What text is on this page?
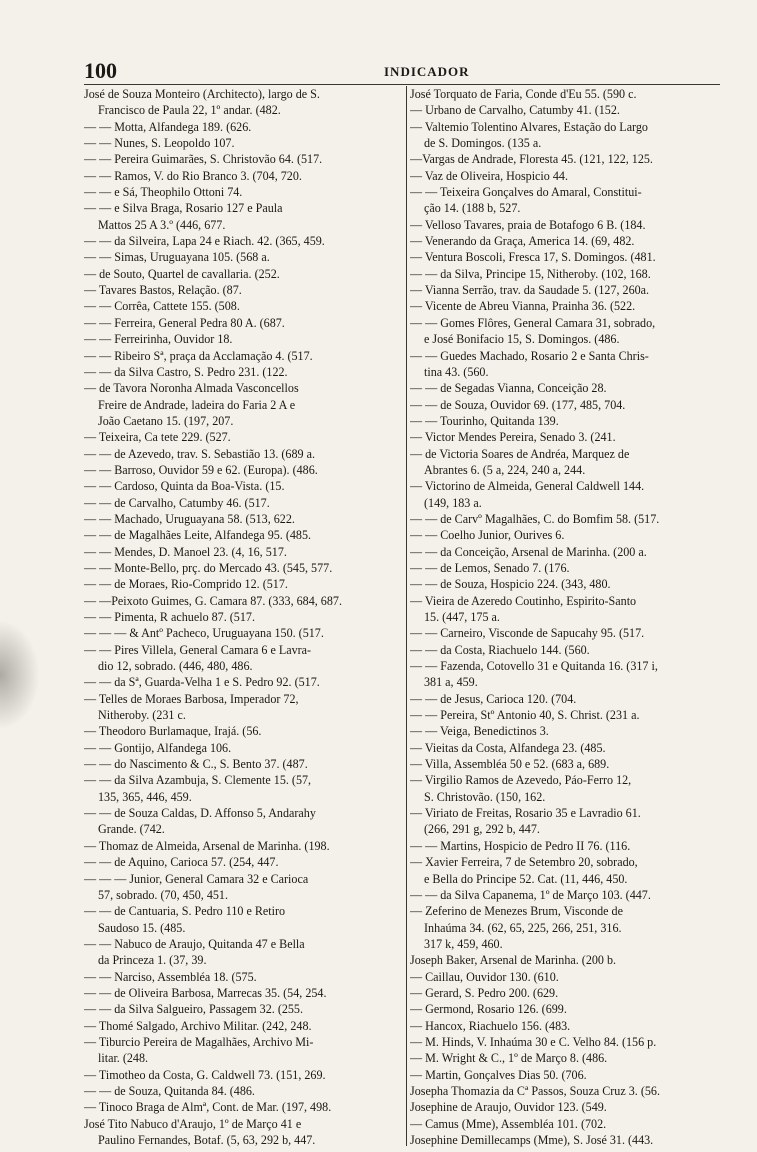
100	INDICADOR
José de Souza Monteiro (Architecto), largo de S.
Francisco de Paula 22, 1º andar. (482.
— — Motta, Alfandega 189. (626.
— — Nunes, S. Leopoldo 107.
— — Pereira Guimarães, S. Christovão 64. (517.
— — Ramos, V. do Rio Branco 3. (704, 720.
— — e Sá, Theophilo Ottoni 74.
— — e Silva Braga, Rosario 127 e Paula
Mattos 25 A 3.º (446, 677.
— — da Silveira, Lapa 24 e Riach. 42. (365, 459.
— — Simas, Uruguayana 105. (568 a.
— de Souto, Quartel de cavallaria. (252.
— Tavares Bastos, Relação. (87.
— — Corrêa, Cattete 155. (508.
— — Ferreira, General Pedra 80 A. (687.
— — Ferreirinha, Ouvidor 18.
— — Ribeiro Sª, praça da Acclamação 4. (517.
— — da Silva Castro, S. Pedro 231. (122.
— de Tavora Noronha Almada Vasconcellos
Freire de Andrade, ladeira do Faria 2 A e
João Caetano 15. (197, 207.
— Teixeira, Ca tete 229. (527.
— — de Azevedo, trav. S. Sebastião 13. (689 a.
— — Barroso, Ouvidor 59 e 62. (Europa). (486.
— — Cardoso, Quinta da Boa-Vista. (15.
— — de Carvalho, Catumby 46. (517.
— — Machado, Uruguayana 58. (513, 622.
— — de Magalhães Leite, Alfandega 95. (485.
— — Mendes, D. Manoel 23. (4, 16, 517.
— — Monte-Bello, prç. do Mercado 43. (545, 577.
— — de Moraes, Rio-Comprido 12. (517.
— —Peixoto Guimes, G. Camara 87. (333, 684, 687.
— — Pimenta, R achuelo 87. (517.
— — — & Antº Pacheco, Uruguayana 150. (517.
— — Pires Villela, General Camara 6 e Lavra-
dio 12, sobrado. (446, 480, 486.
— — da Sª, Guarda-Velha 1 e S. Pedro 92. (517.
— Telles de Moraes Barbosa, Imperador 72,
Nitheroby. (231 c.
— Theodoro Burlamaque, Irajá. (56.
— — Gontijo, Alfandega 106.
— — do Nascimento & C., S. Bento 37. (487.
— — da Silva Azambuja, S. Clemente 15. (57,
135, 365, 446, 459.
— — de Souza Caldas, D. Affonso 5, Andarahy
Grande. (742.
— Thomaz de Almeida, Arsenal de Marinha. (198.
— — de Aquino, Carioca 57. (254, 447.
— — — Junior, General Camara 32 e Carioca
57, sobrado. (70, 450, 451.
— — de Cantuaria, S. Pedro 110 e Retiro
Saudoso 15. (485.
— — Nabuco de Araujo, Quitanda 47 e Bella
da Princeza 1. (37, 39.
— — Narciso, Assembléa 18. (575.
— — de Oliveira Barbosa, Marrecas 35. (54, 254.
— — da Silva Salgueiro, Passagem 32. (255.
— Thomé Salgado, Archivo Militar. (242, 248.
— Tiburcio Pereira de Magalhães, Archivo Mi-
litar. (248.
— Timotheo da Costa, G. Caldwell 73. (151, 269.
— — de Souza, Quitanda 84. (486.
— Tinoco Braga de Almª, Cont. de Mar. (197, 498.
José Tito Nabuco d'Araujo, 1º de Março 41 e
Paulino Fernandes, Botaf. (5, 63, 292 b, 447.
José Torquato de Faria, Conde d'Eu 55. (590 c.
— Urbano de Carvalho, Catumby 41. (152.
— Valtemio Tolentino Alvares, Estação do Largo
de S. Domingos. (135 a.
—Vargas de Andrade, Floresta 45. (121, 122, 125.
— Vaz de Oliveira, Hospicio 44.
— — Teixeira Gonçalves do Amaral, Constitui-
ção 14. (188 b, 527.
— Velloso Tavares, praia de Botafogo 6 B. (184.
— Venerando da Graça, America 14. (69, 482.
— Ventura Boscoli, Fresca 17, S. Domingos. (481.
— — da Silva, Principe 15, Nitheroby. (102, 168.
— Vianna Serrão, trav. da Saudade 5. (127, 260a.
— Vicente de Abreu Vianna, Prainha 36. (522.
— — Gomes Flôres, General Camara 31, sobrado,
e José Bonifacio 15, S. Domingos. (486.
— — Guedes Machado, Rosario 2 e Santa Chris-
tina 43. (560.
— — de Segadas Vianna, Conceição 28.
— — de Souza, Ouvidor 69. (177, 485, 704.
— — Tourinho, Quitanda 139.
— Victor Mendes Pereira, Senado 3. (241.
— de Victoria Soares de Andréa, Marquez de
Abrantes 6. (5 a, 224, 240 a, 244.
— Victorino de Almeida, General Caldwell 144.
(149, 183 a.
— — de Carvº Magalhães, C. do Bomfim 58. (517.
— — Coelho Junior, Ourives 6.
— — da Conceição, Arsenal de Marinha. (200 a.
— — de Lemos, Senado 7. (176.
— — de Souza, Hospicio 224. (343, 480.
— Vieira de Azeredo Coutinho, Espirito-Santo
15. (447, 175 a.
— — Carneiro, Visconde de Sapucahy 95. (517.
— — da Costa, Riachuelo 144. (560.
— — Fazenda, Cotovello 31 e Quitanda 16. (317 i,
381 a, 459.
— — de Jesus, Carioca 120. (704.
— — Pereira, Stº Antonio 40, S. Christ. (231 a.
— — Veiga, Benedictinos 3.
— Vieitas da Costa, Alfandega 23. (485.
— Villa, Assembléa 50 e 52. (683 a, 689.
— Virgilio Ramos de Azevedo, Páo-Ferro 12,
S. Christovão. (150, 162.
— Viriato de Freitas, Rosario 35 e Lavradio 61.
(266, 291 g, 292 b, 447.
— — Martins, Hospicio de Pedro II 76. (116.
— Xavier Ferreira, 7 de Setembro 20, sobrado,
e Bella do Principe 52. Cat. (11, 446, 450.
— — da Silva Capanema, 1º de Março 103. (447.
— Zeferino de Menezes Brum, Visconde de
Inhaúma 34. (62, 65, 225, 266, 251, 316.
317 k, 459, 460.
Joseph Baker, Arsenal de Marinha. (200 b.
— Caillau, Ouvidor 130. (610.
— Gerard, S. Pedro 200. (629.
— Germond, Rosario 126. (699.
— Hancox, Riachuelo 156. (483.
— M. Hinds, V. Inhaúma 30 e C. Velho 84. (156 p.
— M. Wright & C., 1º de Março 8. (486.
— Martin, Gonçalves Dias 50. (706.
Josepha Thomazia da Cª Passos, Souza Cruz 3. (56.
Josephine de Araujo, Ouvidor 123. (549.
— Camus (Mme), Assembléa 101. (702.
Josephine Demillecamps (Mme), S. José 31. (443.
